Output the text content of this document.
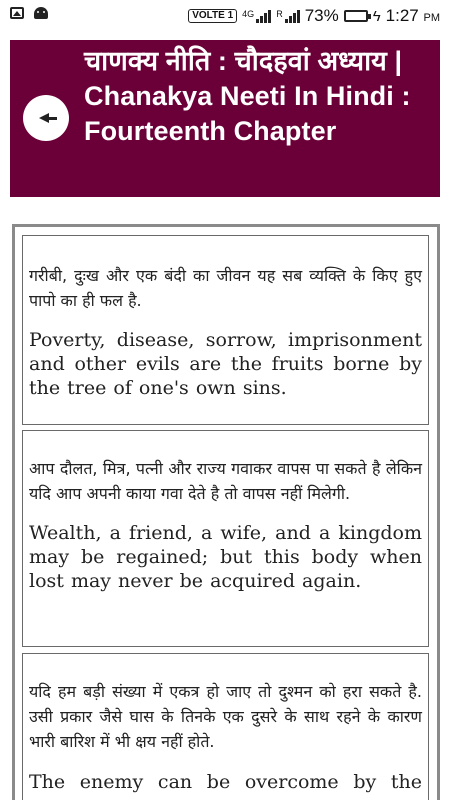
VOLTE 1	4G R 73% ϟ 1:27 PM
चाणक्य नीति : चौदहवां अध्याय | Chanakya Neeti In Hindi : Fourteenth Chapter

गरीबी, दुःख और एक बंदी का जीवन यह सब व्यक्ति के किए हुए पापो का ही फल है.

Poverty, disease, sorrow, imprisonment and other evils are the fruits borne by the tree of one's own sins.

आप दौलत, मित्र, पत्नी और राज्य गवाकर वापस पा सकते है लेकिन यदि आप अपनी काया गवा देते है तो वापस नहीं मिलेगी.

Wealth, a friend, a wife, and a kingdom may be regained; but this body when lost may never be acquired again.

यदि हम बड़ी संख्या में एकत्र हो जाए तो दुश्मन को हरा सकते है. उसी प्रकार जैसे घास के तिनके एक दुसरे के साथ रहने के कारण भारी बारिश में भी क्षय नहीं होते.

The enemy can be overcome by the
